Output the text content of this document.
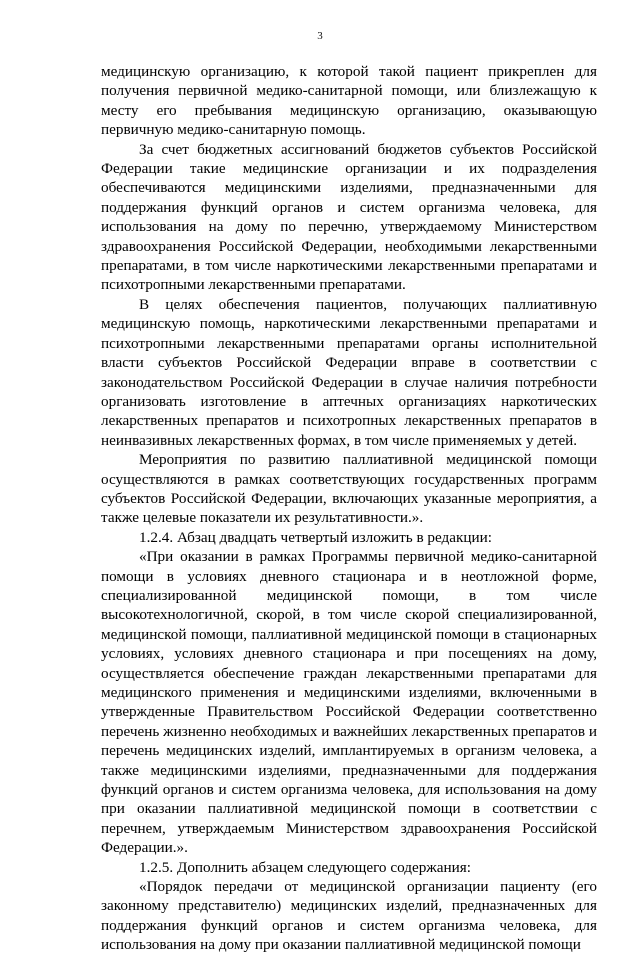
3

медицинскую организацию, к которой такой пациент прикреплен для получения первичной медико-санитарной помощи, или близлежащую к месту его пребывания медицинскую организацию, оказывающую первичную медико-санитарную помощь.

За счет бюджетных ассигнований бюджетов субъектов Российской Федерации такие медицинские организации и их подразделения обеспечиваются медицинскими изделиями, предназначенными для поддержания функций органов и систем организма человека, для использования на дому по перечню, утверждаемому Министерством здравоохранения Российской Федерации, необходимыми лекарственными препаратами, в том числе наркотическими лекарственными препаратами и психотропными лекарственными препаратами.

В целях обеспечения пациентов, получающих паллиативную медицинскую помощь, наркотическими лекарственными препаратами и психотропными лекарственными препаратами органы исполнительной власти субъектов Российской Федерации вправе в соответствии с законодательством Российской Федерации в случае наличия потребности организовать изготовление в аптечных организациях наркотических лекарственных препаратов и психотропных лекарственных препаратов в неинвазивных лекарственных формах, в том числе применяемых у детей.

Мероприятия по развитию паллиативной медицинской помощи осуществляются в рамках соответствующих государственных программ субъектов Российской Федерации, включающих указанные мероприятия, а также целевые показатели их результативности.».

1.2.4. Абзац двадцать четвертый изложить в редакции:

«При оказании в рамках Программы первичной медико-санитарной помощи в условиях дневного стационара и в неотложной форме, специализированной медицинской помощи, в том числе высокотехнологичной, скорой, в том числе скорой специализированной, медицинской помощи, паллиативной медицинской помощи в стационарных условиях, условиях дневного стационара и при посещениях на дому, осуществляется обеспечение граждан лекарственными препаратами для медицинского применения и медицинскими изделиями, включенными в утвержденные Правительством Российской Федерации соответственно перечень жизненно необходимых и важнейших лекарственных препаратов и перечень медицинских изделий, имплантируемых в организм человека, а также медицинскими изделиями, предназначенными для поддержания функций органов и систем организма человека, для использования на дому при оказании паллиативной медицинской помощи в соответствии с перечнем, утверждаемым Министерством здравоохранения Российской Федерации.».

1.2.5. Дополнить абзацем следующего содержания:

«Порядок передачи от медицинской организации пациенту (его законному представителю) медицинских изделий, предназначенных для поддержания функций органов и систем организма человека, для использования на дому при оказании паллиативной медицинской помощи
